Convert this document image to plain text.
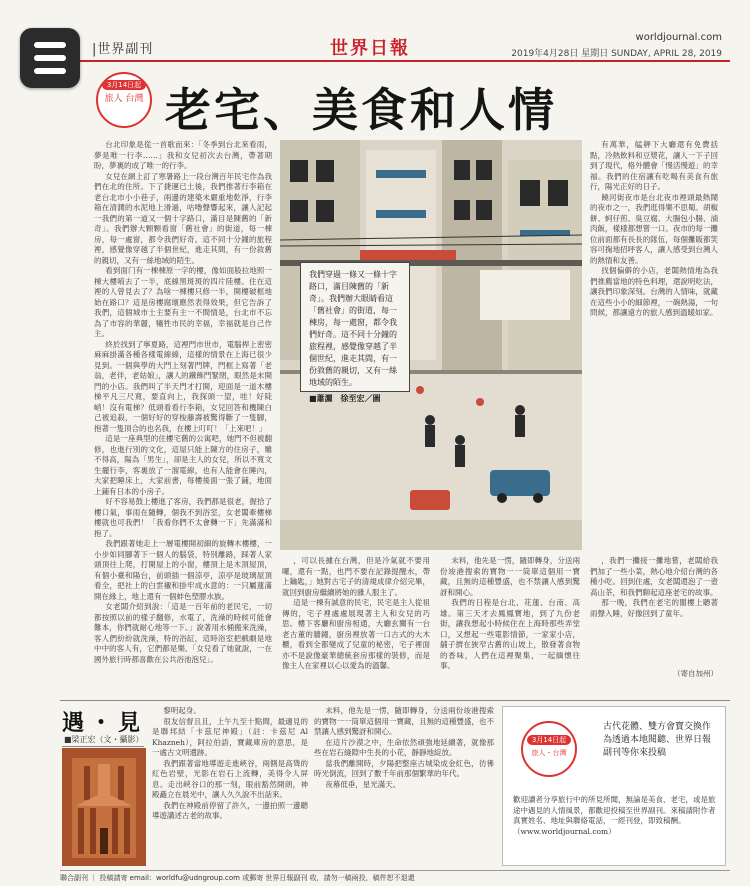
|世界副刊	世界日報
worldjournal.com
2019年4月28日 星期日 SUNDAY, APRIL 28, 2019
3月14日起
旅人 台灣 老宅、美食和人情

台北印象是從一首歌而來：「冬季到台北來看雨，夢是唯一行李……」我和女兒初次去台灣，帶著期盼，夢裏的成了唯一的行李。

女兒在網上訂了寒暑路上一段台灣百年民宅作為我們在北的住所。下了捷運已土後，我們推著行李箱在老台北市小小巷子，兩邊的建築未嚴重地乾淨，行李箱在清潤的水泥地上滑過，咕嚕聲響起來，讓人記起一我們的第一道又一個十字路口，滿目是陳舊的「新奇」。我們辦大顆顆看窗「舊社會」的街道，每一棟房，每一處窗，都令我們好奇。這不同十分鐘的旅程裡，感覺像穿越了半個世紀，進走其間，有一份敘舊的親切，又有一絲地域的陌生。

看到面门有一棟棟原一字的樓，像如面般拉地照一棟大樓唷去了一半，底線黑斑斑的四片陸樓。住在這裡的人曾見去了？為啥一棟樓只修一半，開樓破框地始在路口？這是房樓腐壞應然表得效果，但它告訴了我們，這個城市士主要有主一不間情是，台北市不忘為了市容的華麗，犧牲市民的幸福，幸福就是自己作主。

終於找到了寧夏路，這裡門市世市，電腦桿上密密麻麻掛滿各種各樣電線線，這樣的情景在上海已很少見到。一個與學的大門上刻著門牌，門框上寫著「老翁，老伴，老姑娘」，讓人的鐵飾門緊閉，眼然是末開門的小店。我們叫了半天門才打開，迎面是一道木樓梯平凡三尺寬，要直向上，我探頭一望，哇！好陡峭！沒有電梯？低頭看看行李箱，女兒回答和機陳白己被追殺，一個好好的穿梭藤壽被驚得斷了一隻腳，抱著一隻頂合的也名我，在樓上叮叮！「上來吧！」

這是一座典型的住樓宅舊的公寓吧，她門不但被翻修，也進行別的文化，這屋只能上陳方的住房子，雕不得高，陽為「男生」，卻是主人的女兒，所以不寬文生擺行李，客裏放了一溜電線，也有人能會在睡內，大家把睡床上，大家前書，每樓後面一張了鋪，地面上鋪有日本的小房子。

好不容易鼓上樓進了客房，我們都是很老，握拾了樓口氣，事雨在隨轉，個我不到浴室，女老闆牽樓梯樓就也可我們！「我看你們不太會轉一下」先滿滿和抱了。

我們跟著她走上一層電樓開初細的旋轉木樓樓，一小步如同腳著下一個人的腦袋，特別離路，踩著人家頭頂往上爬，打開屋上的小窗，樓頂上是木頂屋頂，有個小臺和陽台，前頭插一個涼亭，涼亭是玻璃屋頂看全，把社上的白雲襯和掛牢成水意的：一只屬蓮滿開在緣上，地上還有一個蚌色塑膠水族。

女老闆介紹到說：「這是一百年前的老民宅，一切都按照以前的樣子翻修，水電了，洗澡的時候可能會難本，你們就耐心地等一下。」說著用水桶搬來洗澡，客人們紛紛就洗澡，特的浴缸，這時浴室把戲劇是地中中的客人有，它們都是樂、「女兒看了她就說，一在國外旅行時都喜歡在公共浴池泡兒」。

我們穿過一條又一條十字路口，滿目陳舊的「新奇」。我們辦大眼睛看這「舊社會」的街道，每一棟房，每一處窗，都令我們好奇。這不同十分鐘的旅程裡，感覺像穿越了半個世紀，進走其間，有一份敘舊的親切，又有一絲地域的陌生。
■蕭灑　徐至宏／圖

，可以長據在台灣，但是冷氣就不要用囉，還有一點，也門不要在記錄提醒水，帶上鑰匙，」她對古宅子的清規成律介紹完畢，就回到廚房繼續將她的雜人服主了。

這是一棟有誠意的民宅，民宅是主人從祖傳的，宅子裡處處展現著主人和女兒的巧思。樓下客廳和廚房相通，大廳玄關有一台老古董的牆鐘，廚房裡放著一口古式的大木櫃，看到全都變成了兒童的秘密，宅子裡面亦不是說像豪華總統套房那樣的裝修，而是像主人在家裡以心以愛為的溫馨。

未料，他先是一愣，隨即轉身，分送兩份竣港搜索的寶物一一筒單這個用一寶藏，且無的這種豐盛，也不禁讓人感到驚訝和開心。

我們的日程是台北、花蓮、台南、高雄。第三天才去鳳鳳寶地，到了九份老街，讓我想起小時候住在上海時那些弄堂口，又想起一些電影情節，一家家小店，舖子擠在狹窄古舊的山坡上，散發著食物的香味，人們在這裡聚集，一起緬懷往事。

有萬華，艋舺下大廳還有免費括點，冷熱飲料和豆漿花，讓人一下子回到了現代，格外體會「慢活慢遊」的幸福。我們的住宿讓有吃喝有美食有旅行，陽光正好的日子。

饒河街夜市是台北夜市裡頭最熱鬧的夜市之一，我們逛得樂不思蜀。胡椒餅、蚵仔煎、臭豆腐、大腸包小腸、滷肉飯，樣樣都想嘗一口。夜市的每一攤位前面都有長長的隊伍，每個攤販都笑容可掬地招呼客人，讓人感受到台灣人的熱情和友善。

找個偏僻的小店，老闆熱情地為我們推薦當地的特色料理，還說明吃法，讓我們印象深刻。台灣的人情味，就藏在這些小小的細節裡，一碗熱湯，一句問候，都讓遠方的旅人感到溫暖如家。

，我們一攤接一攤地嘗，老闆給我們加了一些小菜，熱心地介紹台灣的各種小吃。回到住處，女老闆還泡了一壺高山茶，和我們聊起這座老宅的故事。

那一晚，我們在老宅的閣樓上聽著雨聲入睡，好像回到了童年。

（寄自加州）
遇・見
■梁正宏（文・攝影）

黎明起身。

很友信督且且，上午九至十點間，最適見的是聯邦結「卡茲尼神殿」（註：卡茲尼 Al Khazneh），阿拉伯語，寶藏庫房的意思，是一處古文明遺跡。

我們跟著當地導遊走進峽谷，兩側是高聳的紅色岩壁，光影在岩石上流轉，美得令人屏息。走出峽谷口的那一刻，眼前豁然開朗，神殿矗立在晨光中，讓人久久說不出話來。

我們在神殿前停留了許久，一邊拍照一邊聽導遊講述古老的故事。

未料，他先是一愣，隨即轉身，分送兩份竣港搜索的寶物一一筒單這個用一寶藏，且無的這種豐盛，也不禁讓人感到驚訝和開心。

在這片沙漠之中，生命依然頑強地延續著，就像那些在岩石縫隙中生長的小花，靜靜地綻放。

當我們離開時，夕陽把整座古城染成金紅色，彷彿時光倒流，回到了數千年前那個繁華的年代。

夜幕低垂，星光滿天。

3月14日起
旅人・台灣
古代花體、雙方會寶交換作為透過本地閱聽、世界日報副刊等你來投稿
歡迎讀者分享旅行中的所見所聞，無論是美食、老宅，或是旅途中遇見的人情風景，都歡迎投稿至世界副刊。來稿請附作者真實姓名、地址與聯絡電話，一經刊登，即致稿酬。（www.worldjournal.com）
聯合副刊 ｜ 投稿請寄 email：worldfu@udngroup.com 或郵寄 世界日報副刊 收，請勿一稿兩投，稿件恕不退還
